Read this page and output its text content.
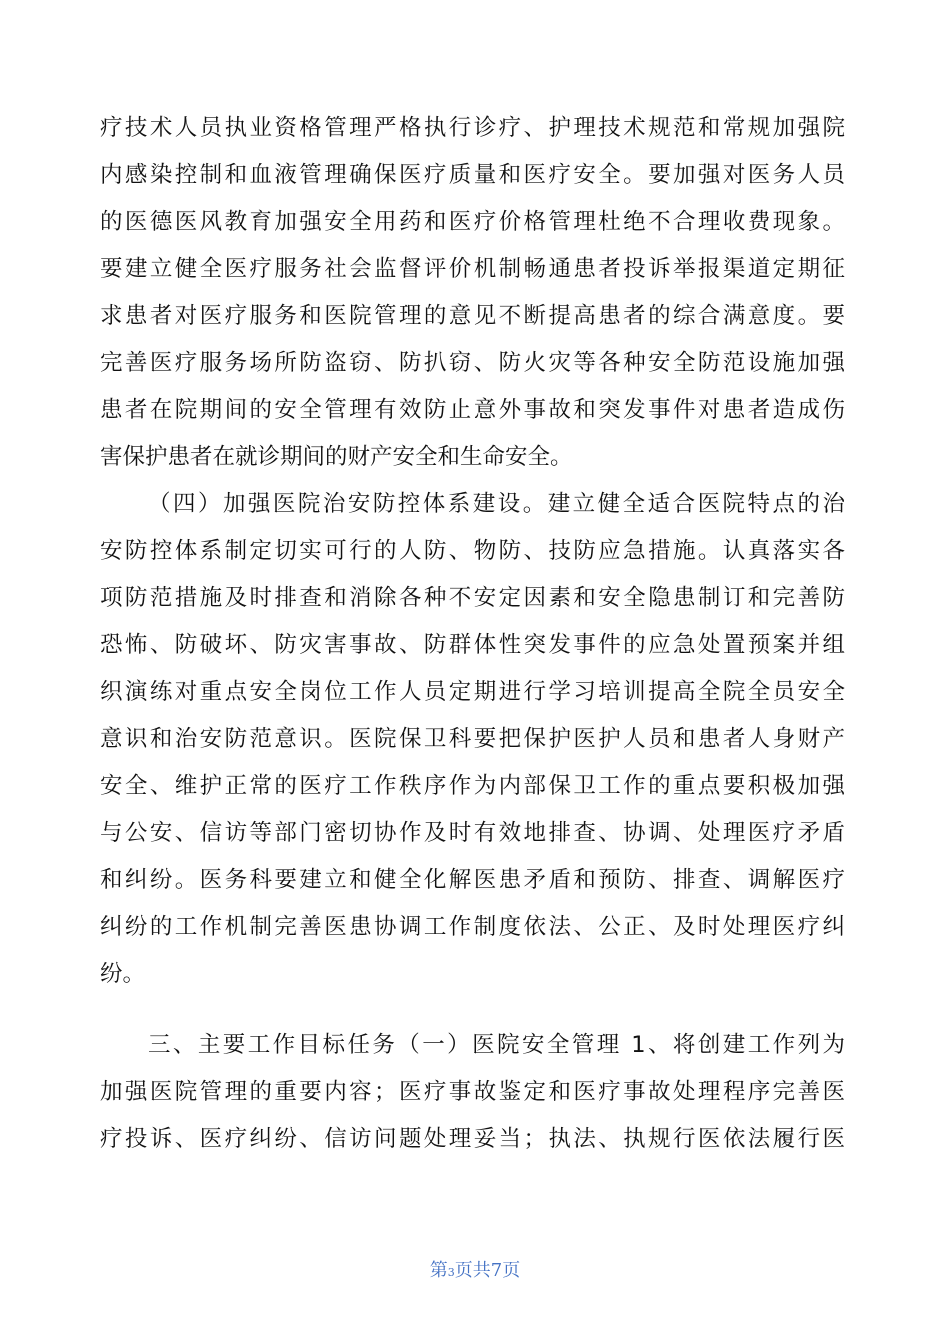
疗技术人员执业资格管理严格执行诊疗、护理技术规范和常规加强院
内感染控制和血液管理确保医疗质量和医疗安全。要加强对医务人员
的医德医风教育加强安全用药和医疗价格管理杜绝不合理收费现象。
要建立健全医疗服务社会监督评价机制畅通患者投诉举报渠道定期征
求患者对医疗服务和医院管理的意见不断提高患者的综合满意度。要
完善医疗服务场所防盗窃、防扒窃、防火灾等各种安全防范设施加强
患者在院期间的安全管理有效防止意外事故和突发事件对患者造成伤
害保护患者在就诊期间的财产安全和生命安全。
（四）加强医院治安防控体系建设。建立健全适合医院特点的治
安防控体系制定切实可行的人防、物防、技防应急措施。认真落实各
项防范措施及时排查和消除各种不安定因素和安全隐患制订和完善防
恐怖、防破坏、防灾害事故、防群体性突发事件的应急处置预案并组
织演练对重点安全岗位工作人员定期进行学习培训提高全院全员安全
意识和治安防范意识。医院保卫科要把保护医护人员和患者人身财产
安全、维护正常的医疗工作秩序作为内部保卫工作的重点要积极加强
与公安、信访等部门密切协作及时有效地排查、协调、处理医疗矛盾
和纠纷。医务科要建立和健全化解医患矛盾和预防、排查、调解医疗
纠纷的工作机制完善医患协调工作制度依法、公正、及时处理医疗纠
纷。
三、主要工作目标任务（一）医院安全管理 1、将创建工作列为
加强医院管理的重要内容；医疗事故鉴定和医疗事故处理程序完善医
疗投诉、医疗纠纷、信访问题处理妥当；执法、执规行医依法履行医
第3页共7页
